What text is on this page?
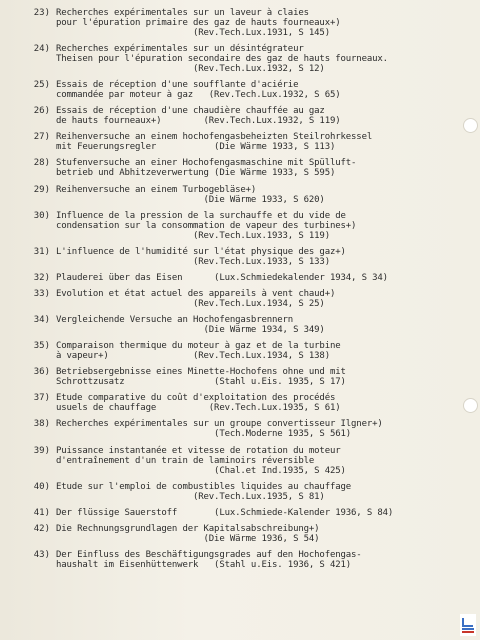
23) Recherches expérimentales sur un laveur à claies
pour l'épuration primaire des gaz de hauts fourneaux+)
(Rev.Tech.Lux.1931, S 145)
24) Recherches expérimentales sur un désintégrateur
Theisen pour l'épuration secondaire des gaz de hauts fourneaux.
(Rev.Tech.Lux.1932, S 12)
25) Essais de réception d'une soufflante d'aciérie
commandée par moteur à gaz   (Rev.Tech.Lux.1932, S 65)
26) Essais de réception d'une chaudière chauffée au gaz
de hauts fourneaux+)        (Rev.Tech.Lux.1932, S 119)
27) Reihenversuche an einem hochofengasbeheizten Steilrohrkessel
mit Feuerungsregler           (Die Wärme 1933, S 113)
28) Stufenversuche an einer Hochofengasmaschine mit Spülluft-
betrieb und Abhitzeverwertung (Die Wärme 1933, S 595)
29) Reihenversuche an einem Turbogebläse+)
(Die Wärme 1933, S 620)
30) Influence de la pression de la surchauffe et du vide de
condensation sur la consommation de vapeur des turbines+)
(Rev.Tech.Lux.1933, S 119)
31) L'influence de l'humidité sur l'état physique des gaz+)
(Rev.Tech.Lux.1933, S 133)
32) Plauderei über das Eisen      (Lux.Schmiedekalender 1934, S 34)
33) Evolution et état actuel des appareils à vent chaud+)
(Rev.Tech.Lux.1934, S 25)
34) Vergleichende Versuche an Hochofengasbrennern
(Die Wärme 1934, S 349)
35) Comparaison thermique du moteur à gaz et de la turbine
à vapeur+)                (Rev.Tech.Lux.1934, S 138)
36) Betriebsergebnisse eines Minette-Hochofens ohne und mit
Schrottzusatz                 (Stahl u.Eis. 1935, S 17)
37) Etude comparative du coût d'exploitation des procédés
usuels de chauffage          (Rev.Tech.Lux.1935, S 61)
38) Recherches expérimentales sur un groupe convertisseur Ilgner+)
(Tech.Moderne 1935, S 561)
39) Puissance instantanée et vitesse de rotation du moteur
d'entraînement d'un train de laminoirs réversible
(Chal.et Ind.1935, S 425)
40) Etude sur l'emploi de combustibles liquides au chauffage
(Rev.Tech.Lux.1935, S 81)
41) Der flüssige Sauerstoff       (Lux.Schmiede-Kalender 1936, S 84)
42) Die Rechnungsgrundlagen der Kapitalsabschreibung+)
(Die Wärme 1936, S 54)
43) Der Einfluss des Beschäftigungsgrades auf den Hochofengas-
haushalt im Eisenhüttenwerk   (Stahl u.Eis. 1936, S 421)
